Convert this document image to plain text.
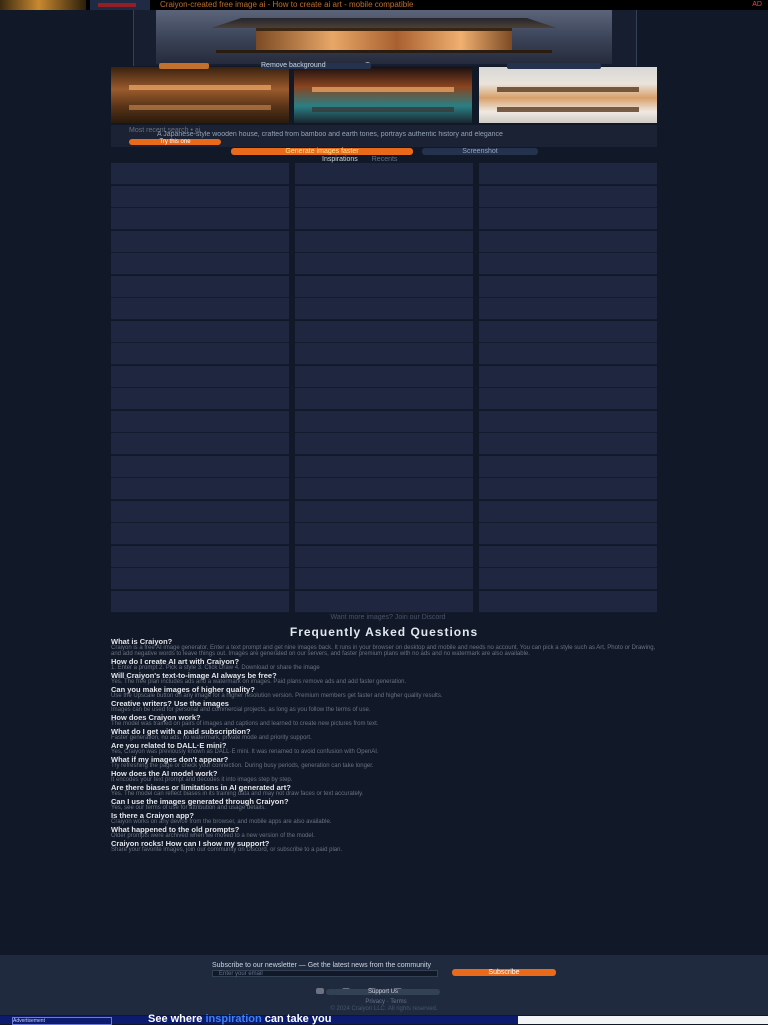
Craiyon-created free image ai - How to create ai art - mobile compatible	AD
Remove background
Most recent search • ai
A Japanese-style wooden house, crafted from bamboo and earth tones, portrays authentic history and elegance
Try this one
Generate images faster	Screenshot
Inspirations Recents
Want more images? Join our Discord
Frequently Asked Questions
What is Craiyon?
Craiyon is a free AI image generator. Enter a text prompt and get nine images back. It runs in your browser on desktop and mobile and needs no account. You can pick a style such as Art, Photo or Drawing, and add negative words to leave things out. Images are generated on our servers, and faster premium plans with no ads and no watermark are also available.
How do I create AI art with Craiyon?
1. Enter a prompt 2. Pick a style 3. Click Draw 4. Download or share the image
Will Craiyon's text-to-image AI always be free?
Yes. The free plan includes ads and a watermark on images. Paid plans remove ads and add faster generation.
Can you make images of higher quality?
Use the Upscale button on any image for a higher resolution version. Premium members get faster and higher quality results.
Creative writers? Use the images
Images can be used for personal and commercial projects, as long as you follow the terms of use.
How does Craiyon work?
The model was trained on pairs of images and captions and learned to create new pictures from text.
What do I get with a paid subscription?
Faster generation, no ads, no watermark, private mode and priority support.
Are you related to DALL·E mini?
Yes, Craiyon was previously known as DALL·E mini. It was renamed to avoid confusion with OpenAI.
What if my images don't appear?
Try refreshing the page or check your connection. During busy periods, generation can take longer.
How does the AI model work?
It encodes your text prompt and decodes it into images step by step.
Are there biases or limitations in AI generated art?
Yes. The model can reflect biases in its training data and may not draw faces or text accurately.
Can I use the images generated through Craiyon?
Yes, see our terms of use for attribution and usage details.
Is there a Craiyon app?
Craiyon works on any device from the browser, and mobile apps are also available.
What happened to the old prompts?
Older prompts were archived when we moved to a new version of the model.
Craiyon rocks! How can I show my support?
Share your favorite images, join our community on Discord, or subscribe to a paid plan.
Subscribe to our newsletter — Get the latest news from the community
Enter your email	Subscribe
Support Us
Privacy · Terms
© 2024 Craiyon LLC. All rights reserved.
Advertisement	See where inspiration can take you
